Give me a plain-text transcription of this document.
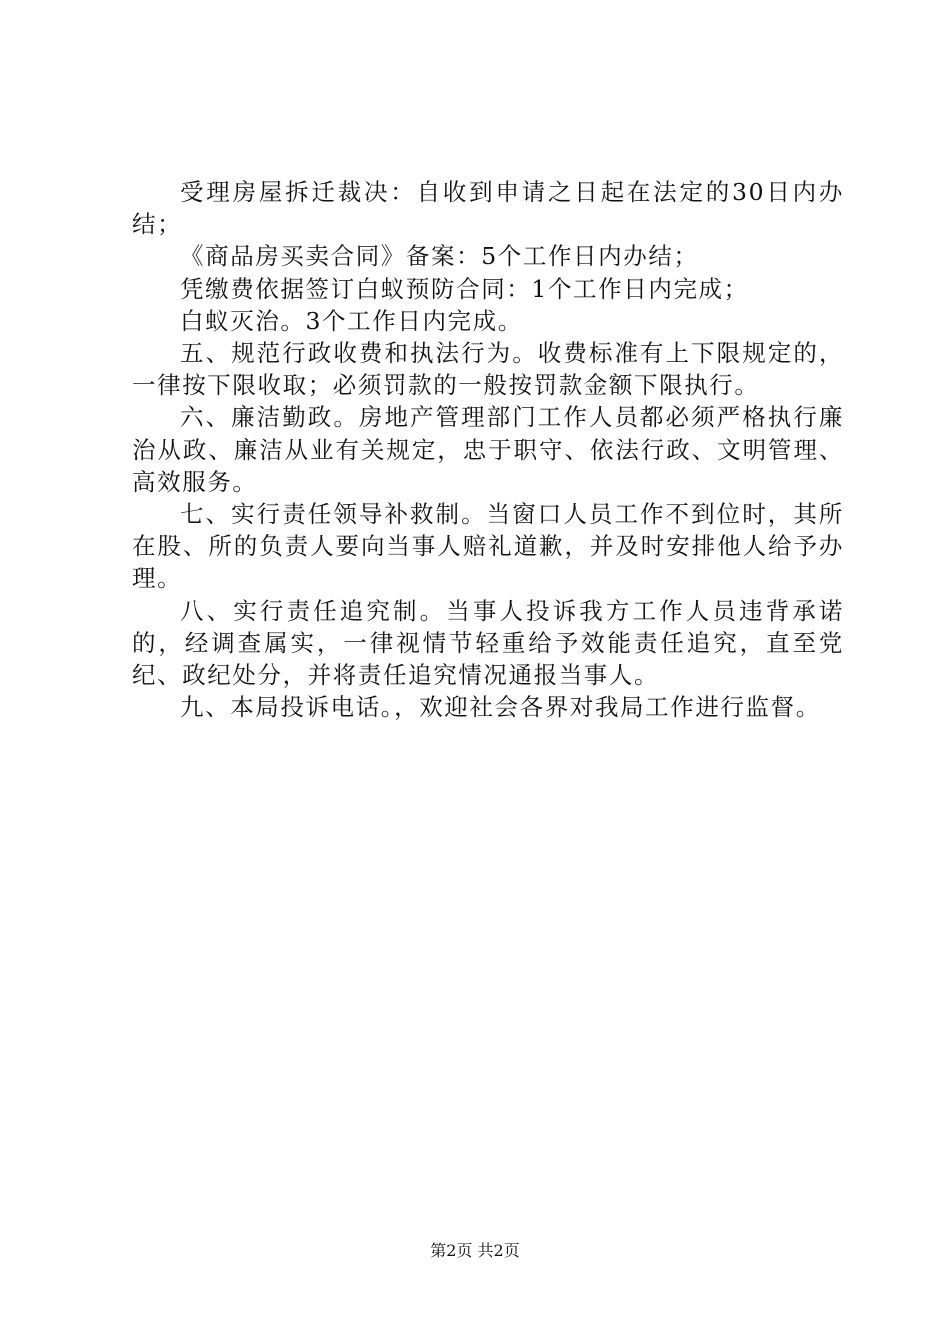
受理房屋拆迁裁决：自收到申请之日起在法定的30日内办结；

《商品房买卖合同》备案：5个工作日内办结；

凭缴费依据签订白蚁预防合同：1个工作日内完成；

白蚁灭治。3个工作日内完成。

五、规范行政收费和执法行为。收费标准有上下限规定的，一律按下限收取；必须罚款的一般按罚款金额下限执行。

六、廉洁勤政。房地产管理部门工作人员都必须严格执行廉治从政、廉洁从业有关规定，忠于职守、依法行政、文明管理、高效服务。

七、实行责任领导补救制。当窗口人员工作不到位时，其所在股、所的负责人要向当事人赔礼道歉，并及时安排他人给予办理。

八、实行责任追究制。当事人投诉我方工作人员违背承诺的，经调查属实，一律视情节轻重给予效能责任追究，直至党纪、政纪处分，并将责任追究情况通报当事人。

九、本局投诉电话。，欢迎社会各界对我局工作进行监督。

第2页 共2页
